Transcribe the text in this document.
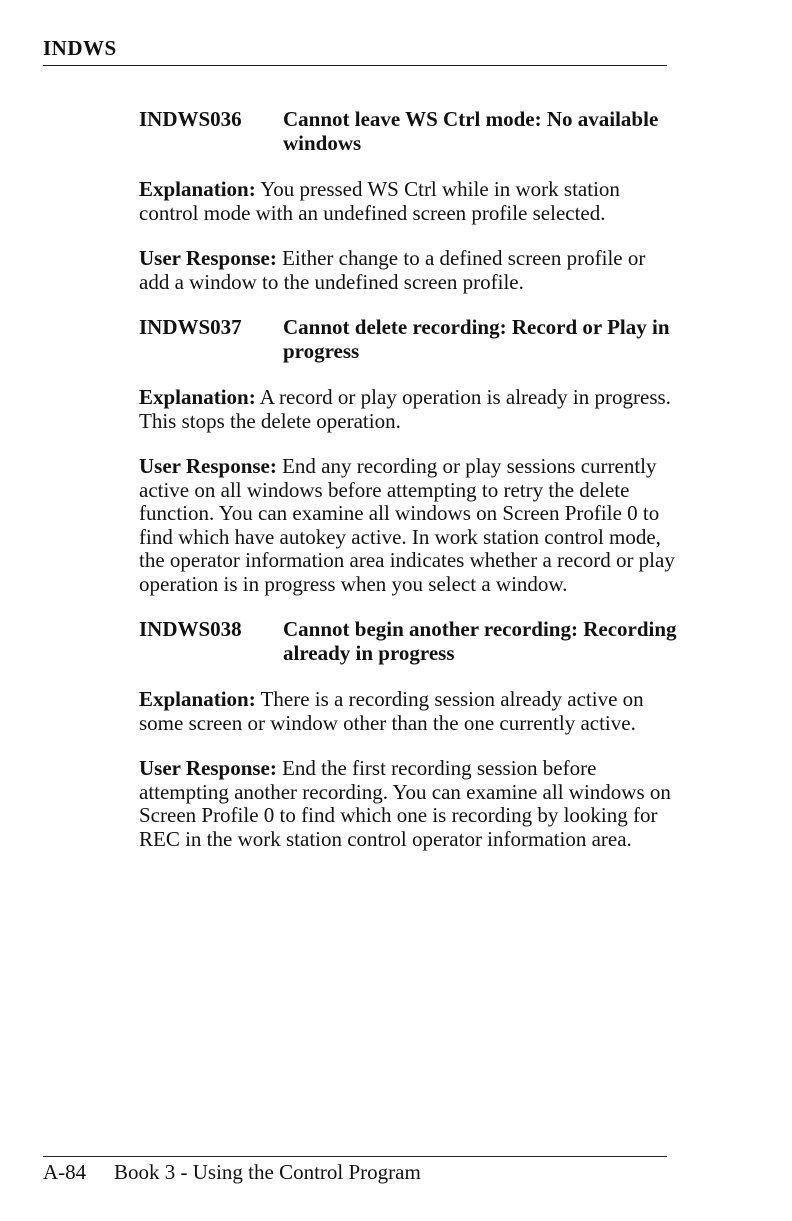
INDWS
INDWS036	Cannot leave WS Ctrl mode: No available windows
Explanation: You pressed WS Ctrl while in work station control mode with an undefined screen profile selected.
User Response: Either change to a defined screen profile or add a window to the undefined screen profile.
INDWS037	Cannot delete recording: Record or Play in progress
Explanation: A record or play operation is already in progress. This stops the delete operation.
User Response: End any recording or play sessions currently active on all windows before attempting to retry the delete function. You can examine all windows on Screen Profile 0 to find which have autokey active. In work station control mode, the operator information area indicates whether a record or play operation is in progress when you select a window.
INDWS038	Cannot begin another recording: Recording already in progress
Explanation: There is a recording session already active on some screen or window other than the one currently active.
User Response: End the first recording session before attempting another recording. You can examine all windows on Screen Profile 0 to find which one is recording by looking for REC in the work station control operator information area.
A-84 Book 3 - Using the Control Program
